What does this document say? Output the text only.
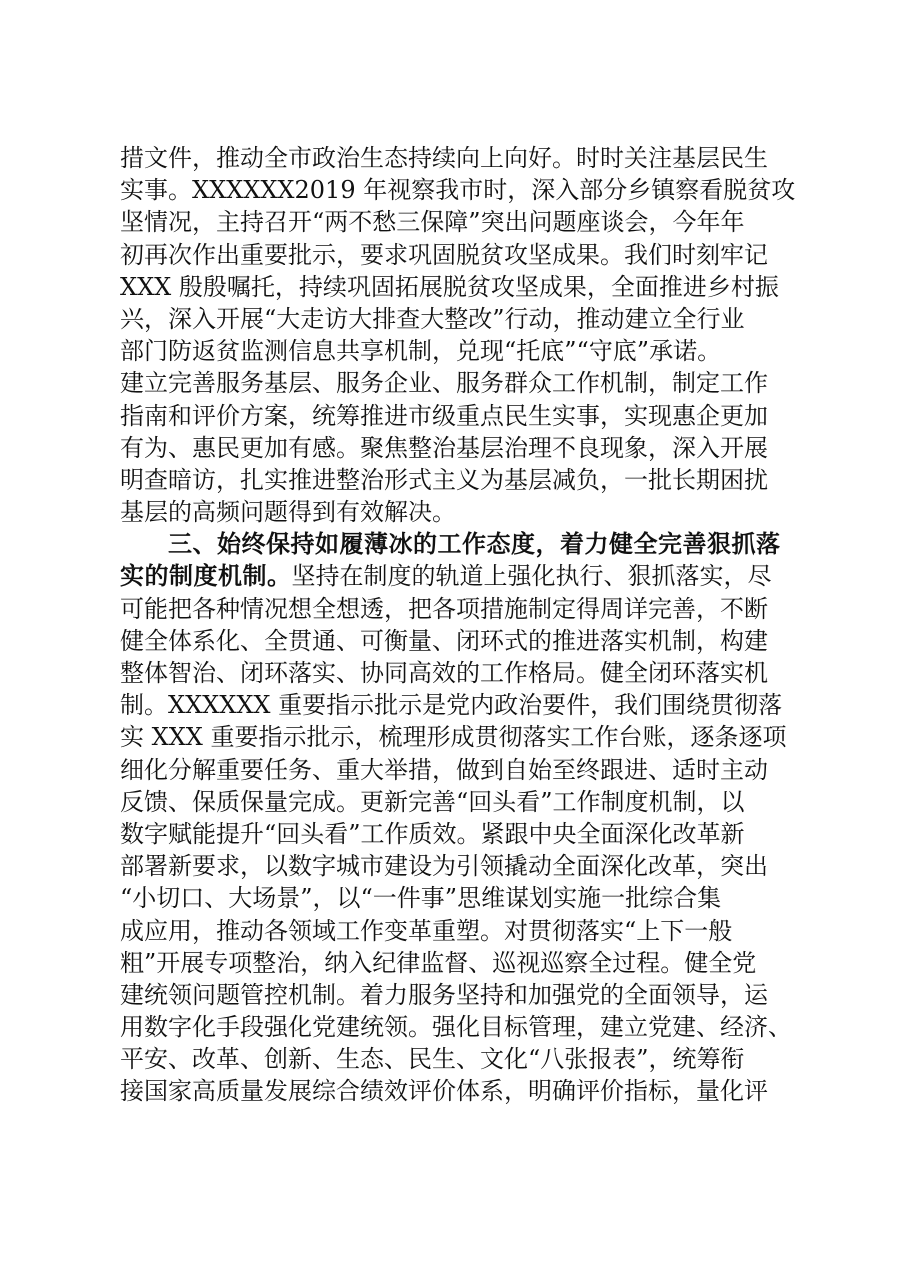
措文件，推动全市政治生态持续向上向好。时时关注基层民生
实事。XXXXXX2019 年视察我市时，深入部分乡镇察看脱贫攻
坚情况，主持召开“两不愁三保障”突出问题座谈会，今年年
初再次作出重要批示，要求巩固脱贫攻坚成果。我们时刻牢记
XXX 殷殷嘱托，持续巩固拓展脱贫攻坚成果，全面推进乡村振
兴，深入开展“大走访大排查大整改”行动，推动建立全行业
部门防返贫监测信息共享机制，兑现“托底”“守底”承诺。
建立完善服务基层、服务企业、服务群众工作机制，制定工作
指南和评价方案，统筹推进市级重点民生实事，实现惠企更加
有为、惠民更加有感。聚焦整治基层治理不良现象，深入开展
明查暗访，扎实推进整治形式主义为基层减负，一批长期困扰
基层的高频问题得到有效解决。
三、始终保持如履薄冰的工作态度，着力健全完善狠抓落
实的制度机制。坚持在制度的轨道上强化执行、狠抓落实，尽
可能把各种情况想全想透，把各项措施制定得周详完善，不断
健全体系化、全贯通、可衡量、闭环式的推进落实机制，构建
整体智治、闭环落实、协同高效的工作格局。健全闭环落实机
制。XXXXXX 重要指示批示是党内政治要件，我们围绕贯彻落
实 XXX 重要指示批示，梳理形成贯彻落实工作台账，逐条逐项
细化分解重要任务、重大举措，做到自始至终跟进、适时主动
反馈、保质保量完成。更新完善“回头看”工作制度机制，以
数字赋能提升“回头看”工作质效。紧跟中央全面深化改革新
部署新要求，以数字城市建设为引领撬动全面深化改革，突出
“小切口、大场景”，以“一件事”思维谋划实施一批综合集
成应用，推动各领域工作变革重塑。对贯彻落实“上下一般
粗”开展专项整治，纳入纪律监督、巡视巡察全过程。健全党
建统领问题管控机制。着力服务坚持和加强党的全面领导，运
用数字化手段强化党建统领。强化目标管理，建立党建、经济、
平安、改革、创新、生态、民生、文化“八张报表”，统筹衔
接国家高质量发展综合绩效评价体系，明确评价指标，量化评
